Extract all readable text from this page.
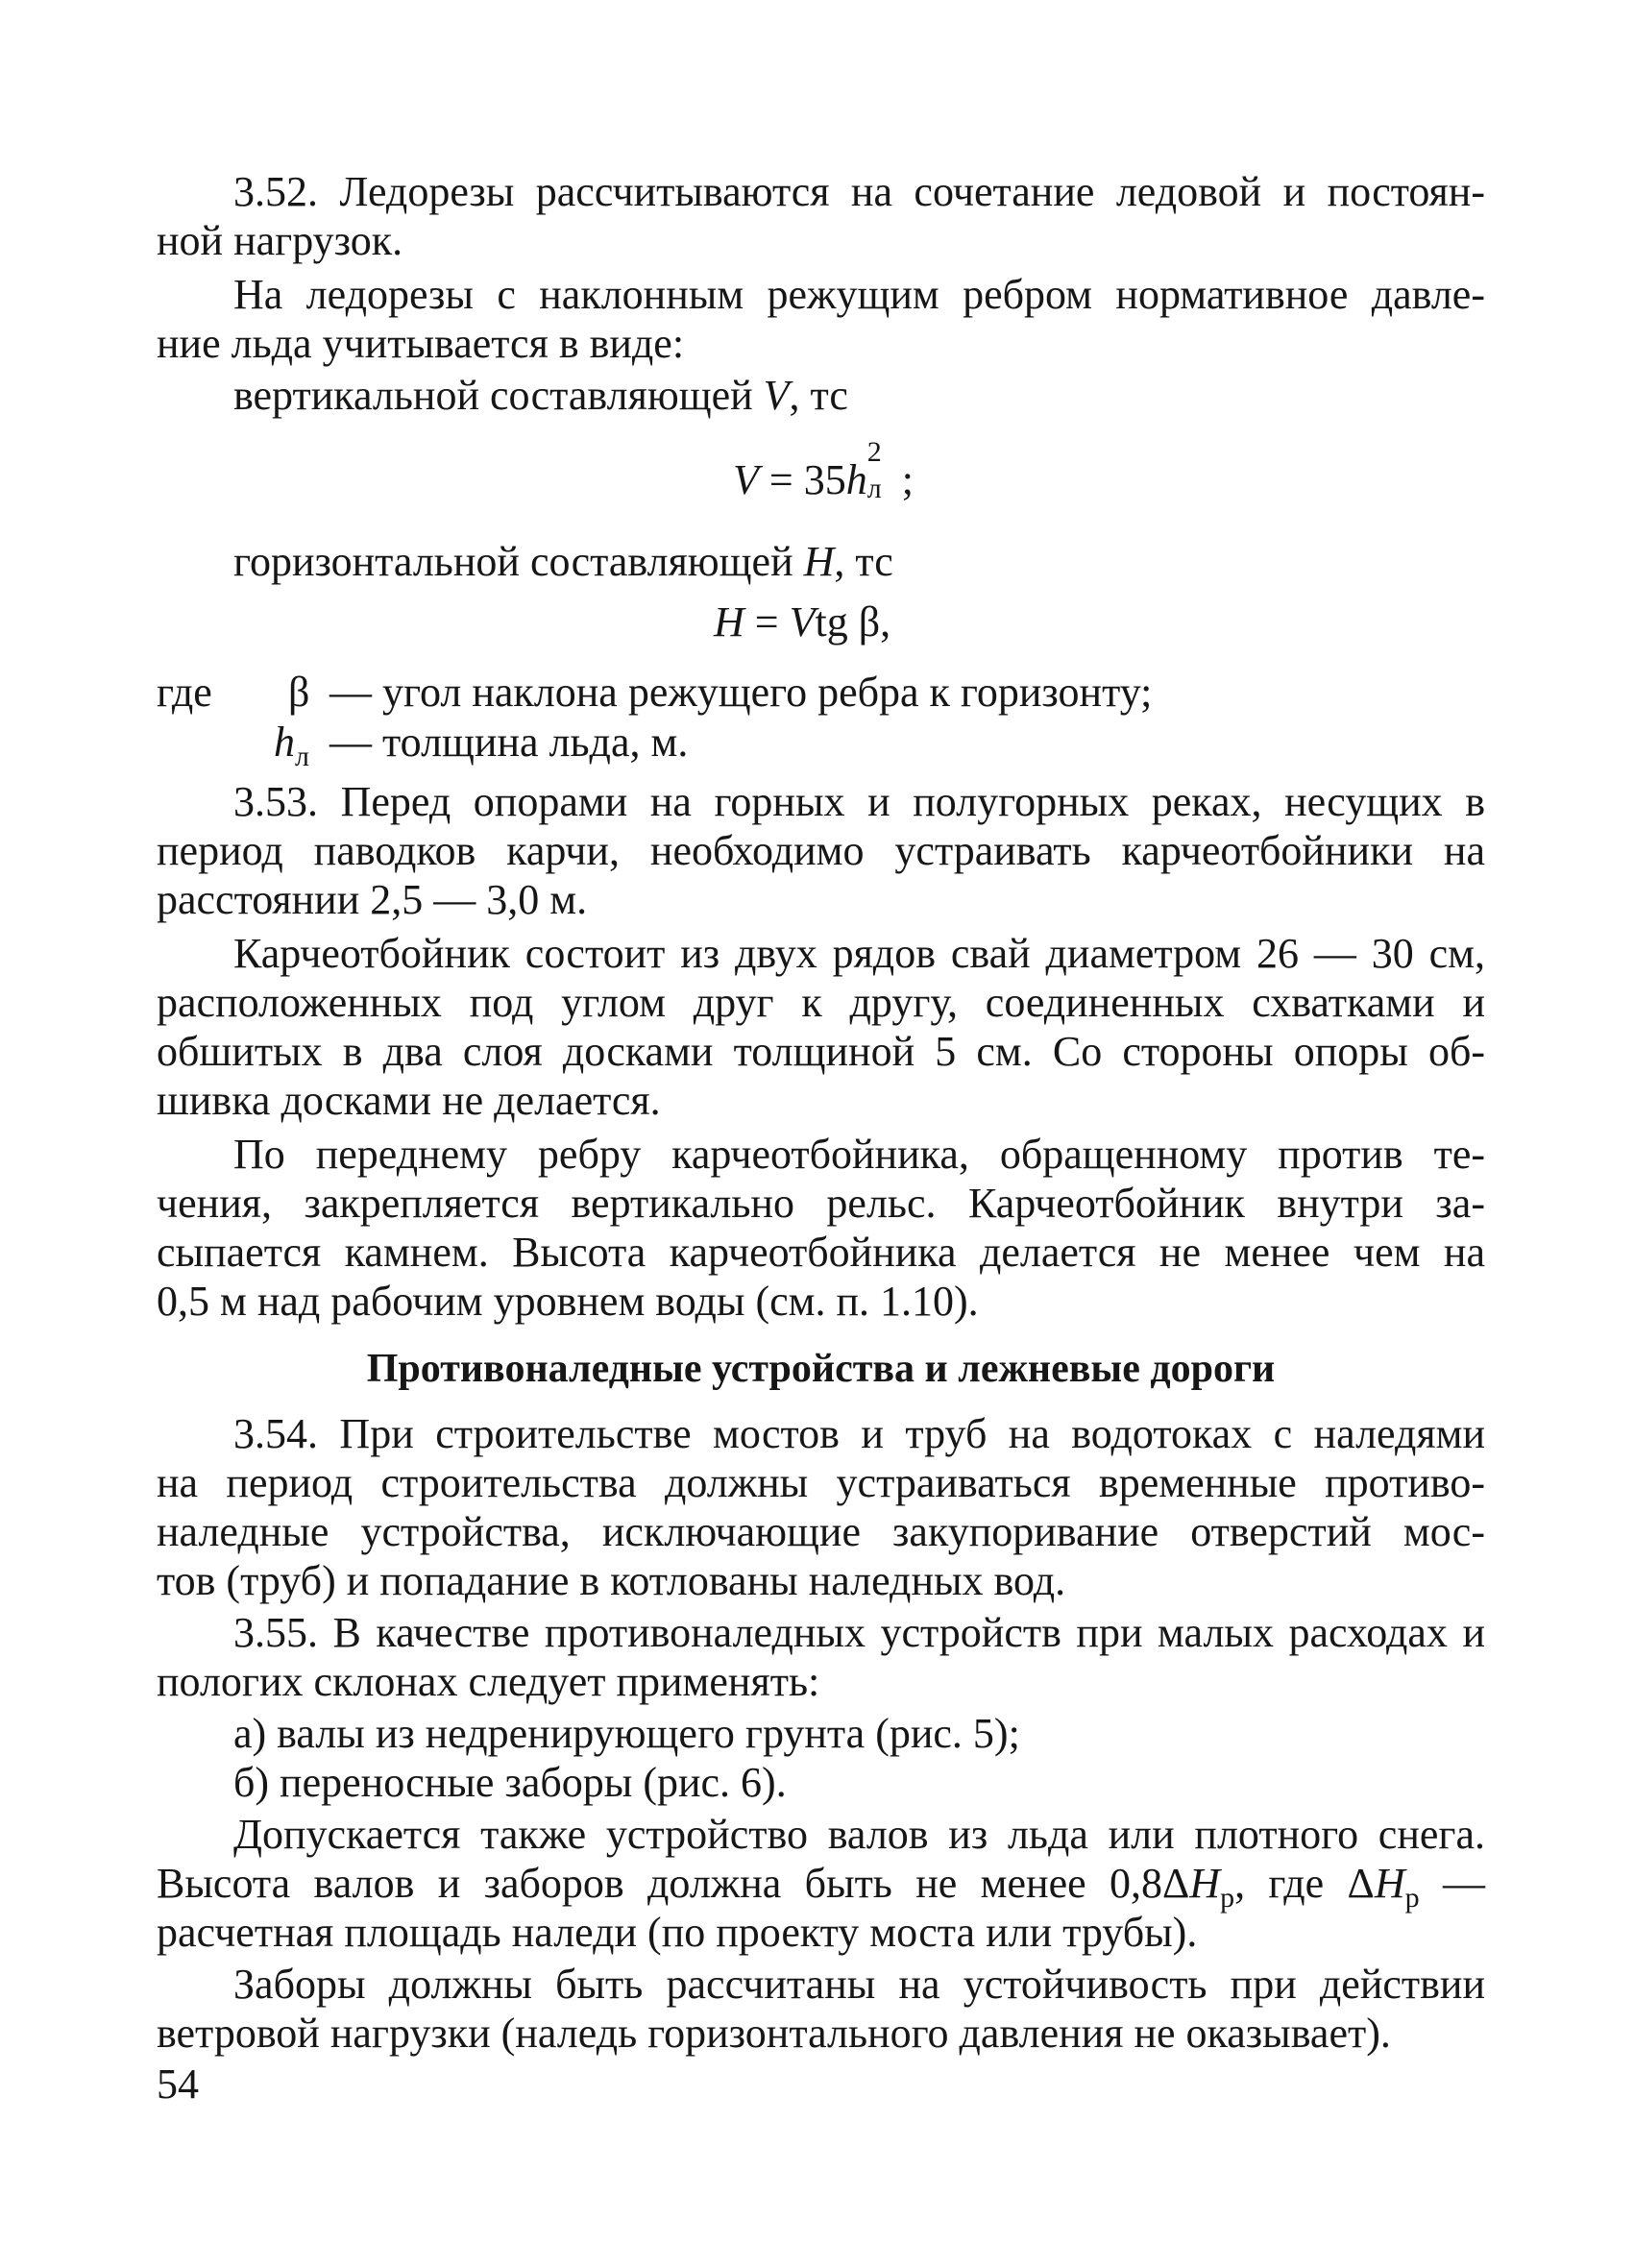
3.52. Ледорезы рассчитываются на сочетание ледовой и постоян-
ной нагрузок.
На ледорезы с наклонным режущим ребром нормативное давле-
ние льда учитывается в виде:
вертикальной составляющей V, тс
V = 35h
2
л ;
горизонтальной составляющей H, тс
H = Vtg β,
где β — угол наклона режущего ребра к горизонту;
$h_л$ — толщина льда, м.
3.53. Перед опорами на горных и полугорных реках, несущих в
период паводков карчи, необходимо устраивать карчеотбойники на
расстоянии 2,5 — 3,0 м.
Карчеотбойник состоит из двух рядов свай диаметром 26 — 30 см,
расположенных под углом друг к другу, соединенных схватками и
обшитых в два слоя досками толщиной 5 см. Со стороны опоры об-
шивка досками не делается.
По переднему ребру карчеотбойника, обращенному против те-
чения, закрепляется вертикально рельс. Карчеотбойник внутри за-
сыпается камнем. Высота карчеотбойника делается не менее чем на
0,5 м над рабочим уровнем воды (см. п. 1.10).
Противоналедные устройства и лежневые дороги
3.54. При строительстве мостов и труб на водотоках с наледями
на период строительства должны устраиваться временные противо-
наледные устройства, исключающие закупоривание отверстий мос-
тов (труб) и попадание в котлованы наледных вод.
3.55. В качестве противоналедных устройств при малых расходах и
пологих склонах следует применять:
а) валы из недренирующего грунта (рис. 5);
б) переносные заборы (рис. 6).
Допускается также устройство валов из льда или плотного снега.
Высота валов и заборов должна быть не менее $0,8\Delta H_р$, где $\Delta H_р$ —
расчетная площадь наледи (по проекту моста или трубы).
Заборы должны быть рассчитаны на устойчивость при действии
ветровой нагрузки (наледь горизонтального давления не оказывает).
54
